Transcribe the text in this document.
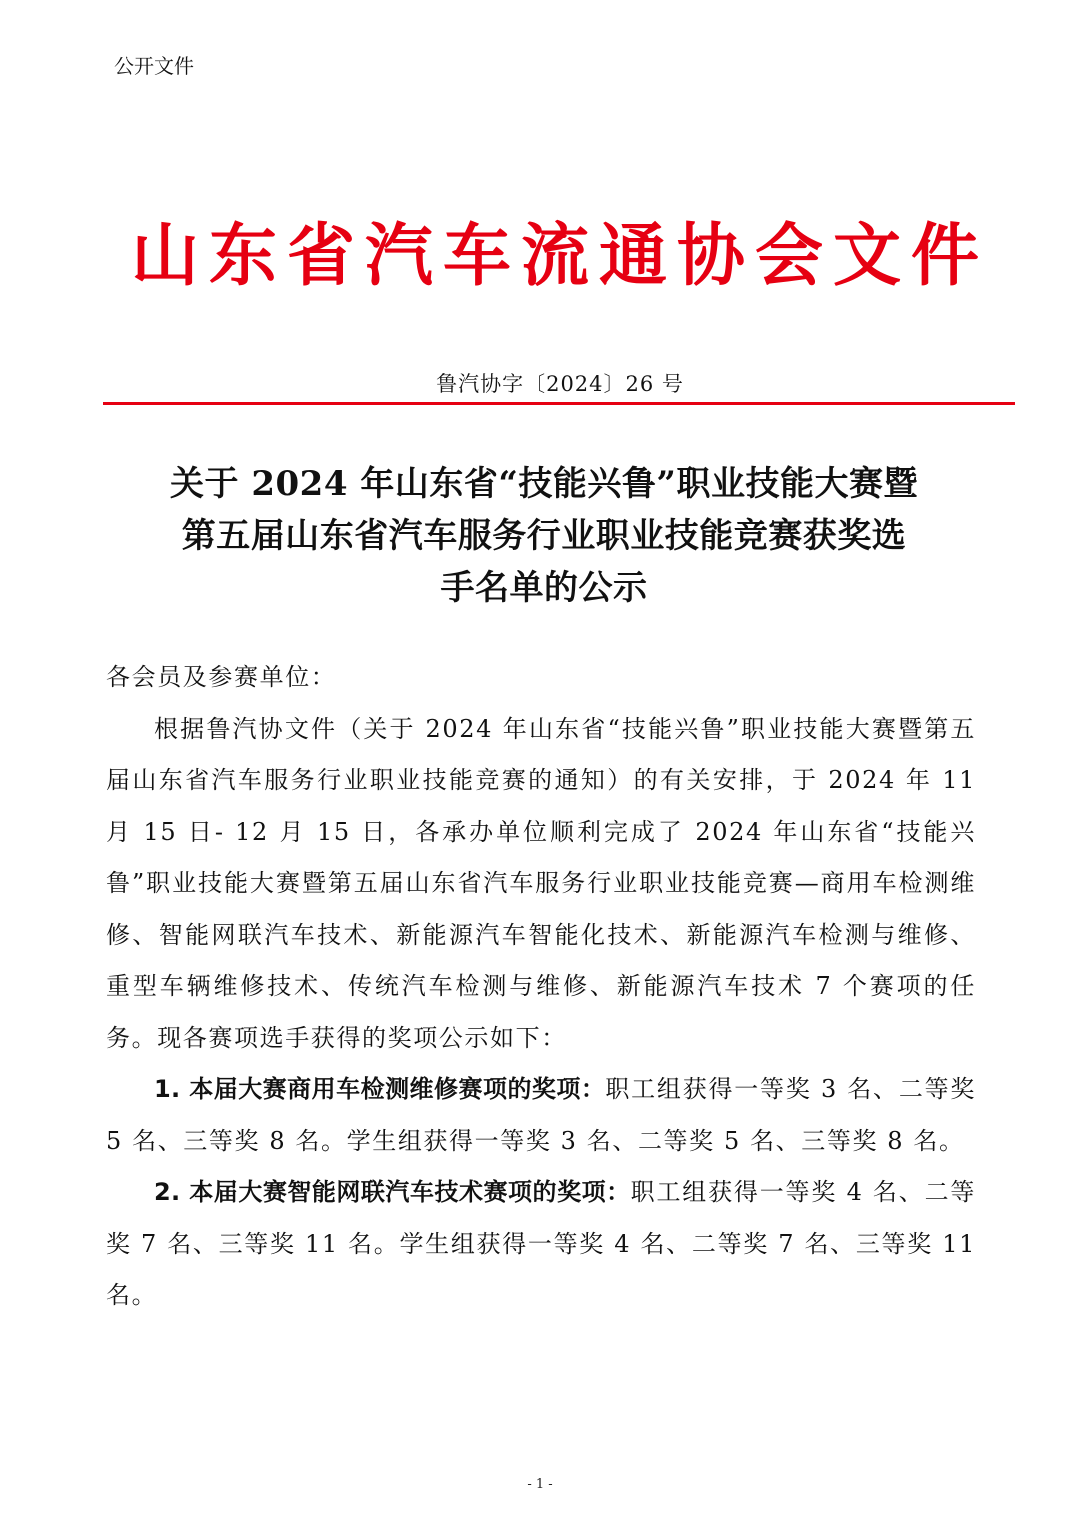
公开文件
山东省汽车流通协会文件
鲁汽协字〔2024〕26 号
关于 2024 年山东省“技能兴鲁”职业技能大赛暨
第五届山东省汽车服务行业职业技能竞赛获奖选
手名单的公示

各会员及参赛单位：

根据鲁汽协文件（关于 2024 年山东省“技能兴鲁”职业技能大赛暨第五届山东省汽车服务行业职业技能竞赛的通知）的有关安排，于 2024 年 11 月 15 日- 12 月 15 日，各承办单位顺利完成了 2024 年山东省“技能兴鲁”职业技能大赛暨第五届山东省汽车服务行业职业技能竞赛—商用车检测维修、智能网联汽车技术、新能源汽车智能化技术、新能源汽车检测与维修、重型车辆维修技术、传统汽车检测与维修、新能源汽车技术 7 个赛项的任务。现各赛项选手获得的奖项公示如下：

1. 本届大赛商用车检测维修赛项的奖项：职工组获得一等奖 3 名、二等奖 5 名、三等奖 8 名。学生组获得一等奖 3 名、二等奖 5 名、三等奖 8 名。

2. 本届大赛智能网联汽车技术赛项的奖项：职工组获得一等奖 4 名、二等奖 7 名、三等奖 11 名。学生组获得一等奖 4 名、二等奖 7 名、三等奖 11 名。

- 1 -
